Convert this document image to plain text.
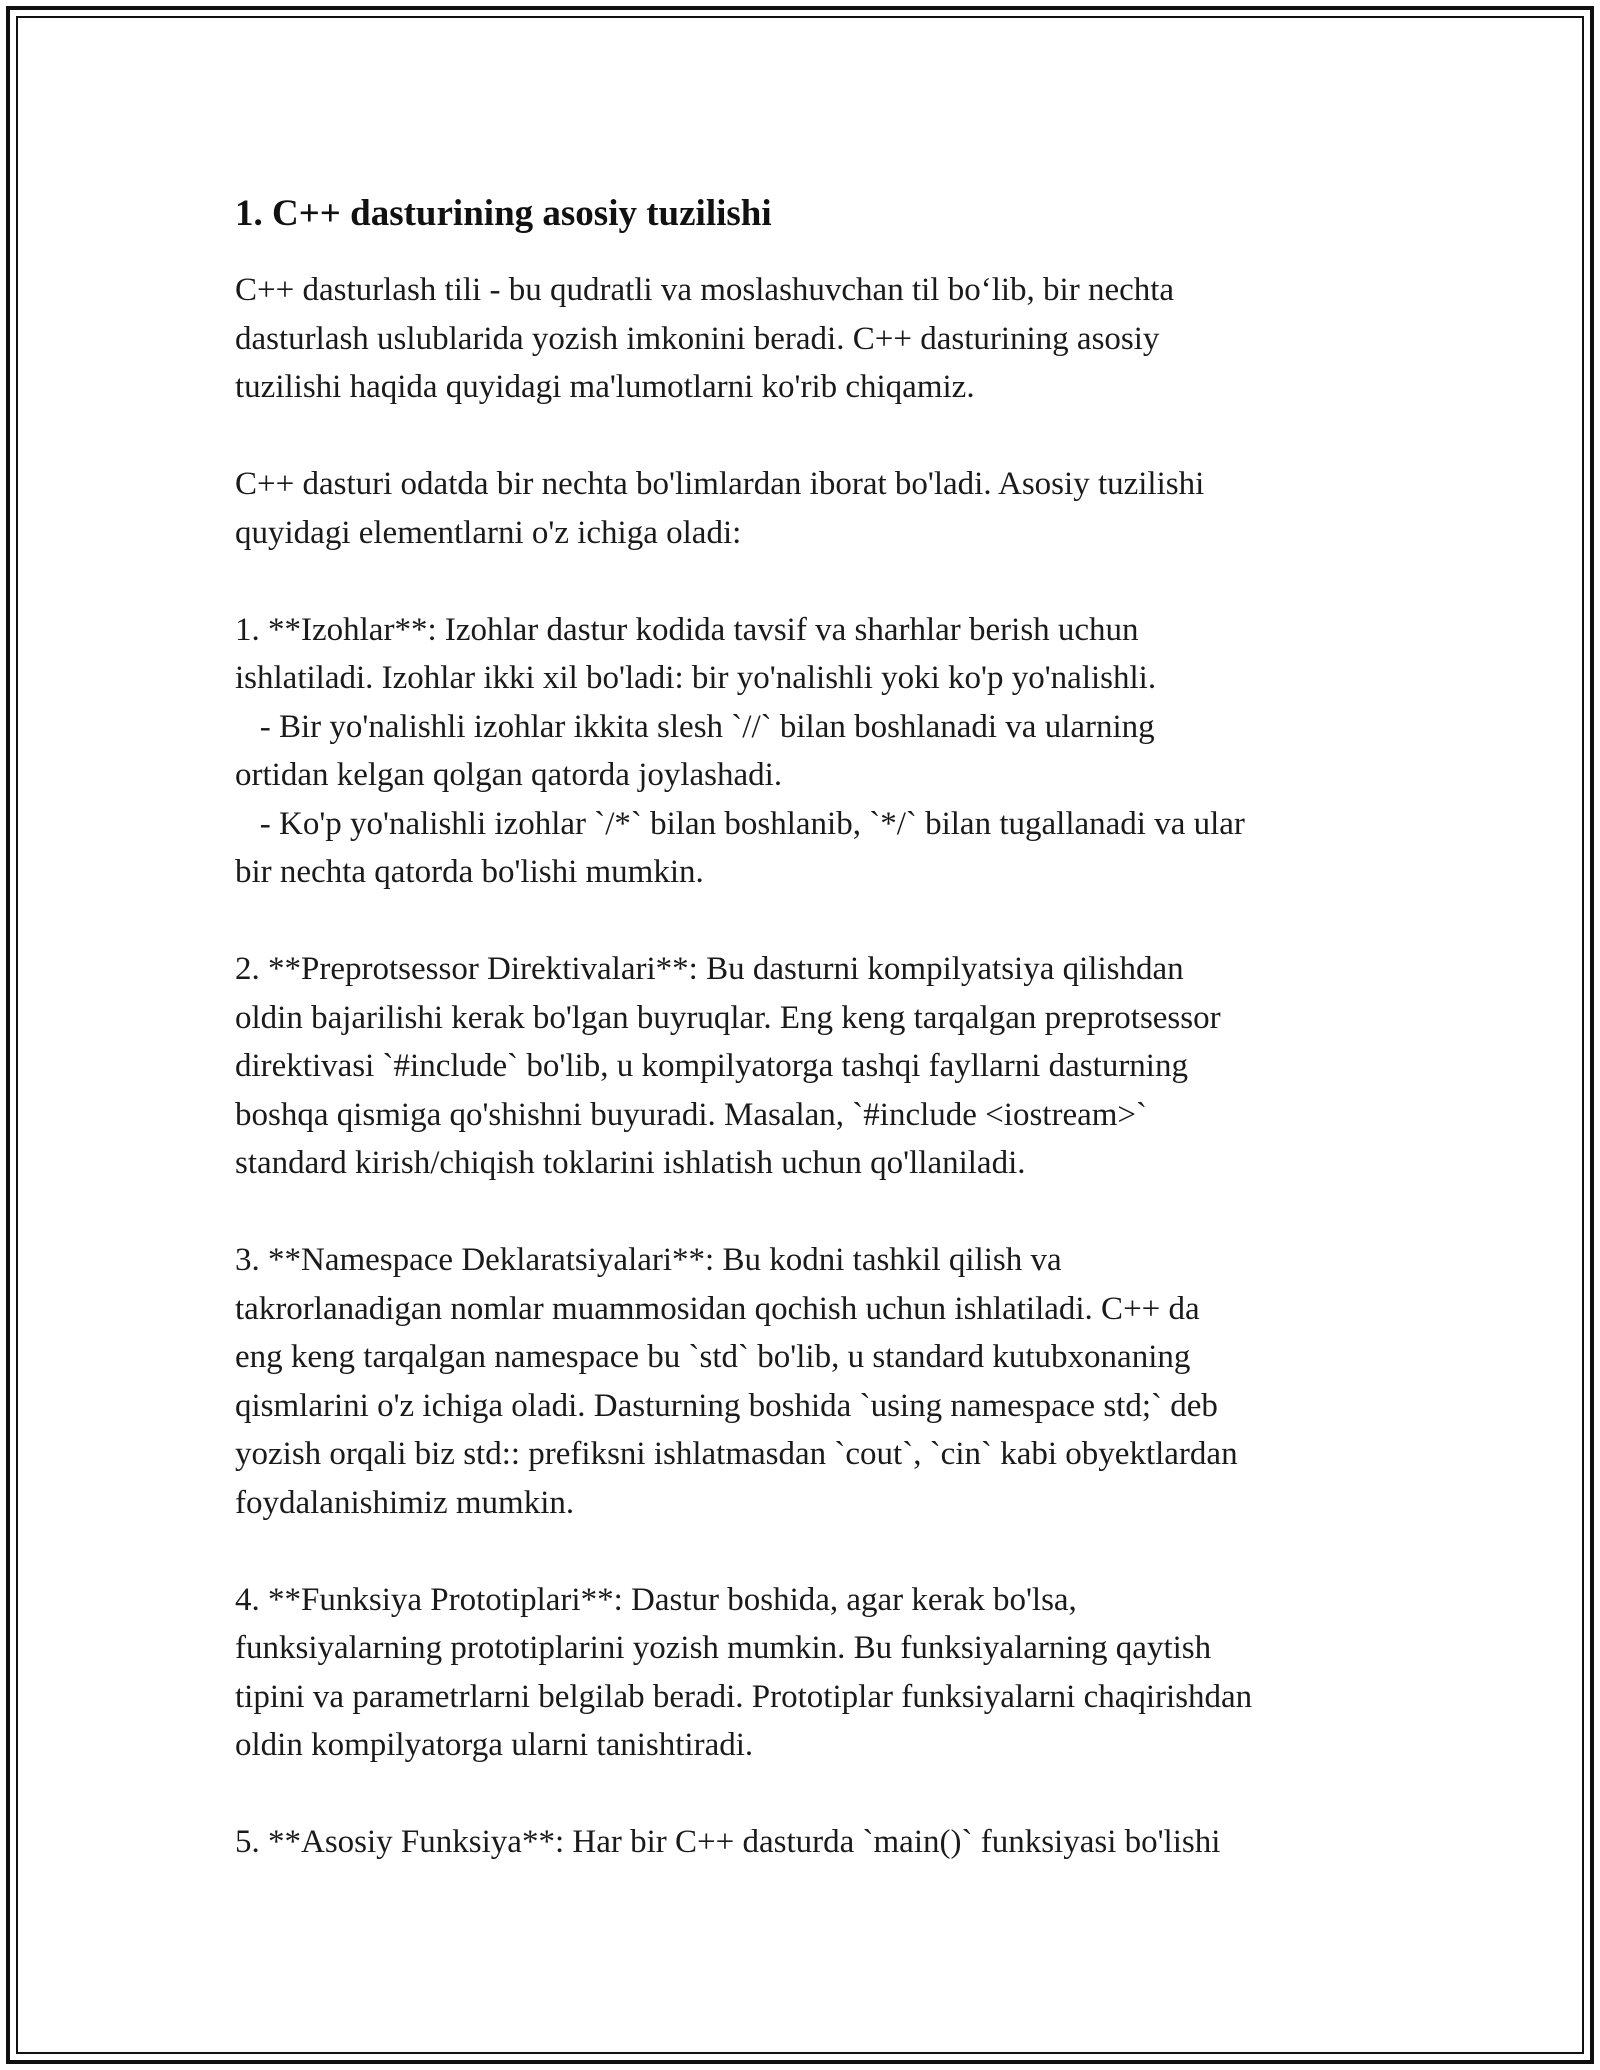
1. C++ dasturining asosiy tuzilishi

C++ dasturlash tili - bu qudratli va moslashuvchan til boʻlib, bir nechta
dasturlash uslublarida yozish imkonini beradi. C++ dasturining asosiy
tuzilishi haqida quyidagi ma'lumotlarni ko'rib chiqamiz.

C++ dasturi odatda bir nechta bo'limlardan iborat bo'ladi. Asosiy tuzilishi
quyidagi elementlarni o'z ichiga oladi:

1. **Izohlar**: Izohlar dastur kodida tavsif va sharhlar berish uchun
ishlatiladi. Izohlar ikki xil bo'ladi: bir yo'nalishli yoki ko'p yo'nalishli.
- Bir yo'nalishli izohlar ikkita slesh `//` bilan boshlanadi va ularning
ortidan kelgan qolgan qatorda joylashadi.
- Ko'p yo'nalishli izohlar `/*` bilan boshlanib, `*/` bilan tugallanadi va ular
bir nechta qatorda bo'lishi mumkin.

2. **Preprotsessor Direktivalari**: Bu dasturni kompilyatsiya qilishdan
oldin bajarilishi kerak bo'lgan buyruqlar. Eng keng tarqalgan preprotsessor
direktivasi `#include` bo'lib, u kompilyatorga tashqi fayllarni dasturning
boshqa qismiga qo'shishni buyuradi. Masalan, `#include <iostream>`
standard kirish/chiqish toklarini ishlatish uchun qo'llaniladi.

3. **Namespace Deklaratsiyalari**: Bu kodni tashkil qilish va
takrorlanadigan nomlar muammosidan qochish uchun ishlatiladi. C++ da
eng keng tarqalgan namespace bu `std` bo'lib, u standard kutubxonaning
qismlarini o'z ichiga oladi. Dasturning boshida `using namespace std;` deb
yozish orqali biz std:: prefiksni ishlatmasdan `cout`, `cin` kabi obyektlardan
foydalanishimiz mumkin.

4. **Funksiya Prototiplari**: Dastur boshida, agar kerak bo'lsa,
funksiyalarning prototiplarini yozish mumkin. Bu funksiyalarning qaytish
tipini va parametrlarni belgilab beradi. Prototiplar funksiyalarni chaqirishdan
oldin kompilyatorga ularni tanishtiradi.

5. **Asosiy Funksiya**: Har bir C++ dasturda `main()` funksiyasi bo'lishi
